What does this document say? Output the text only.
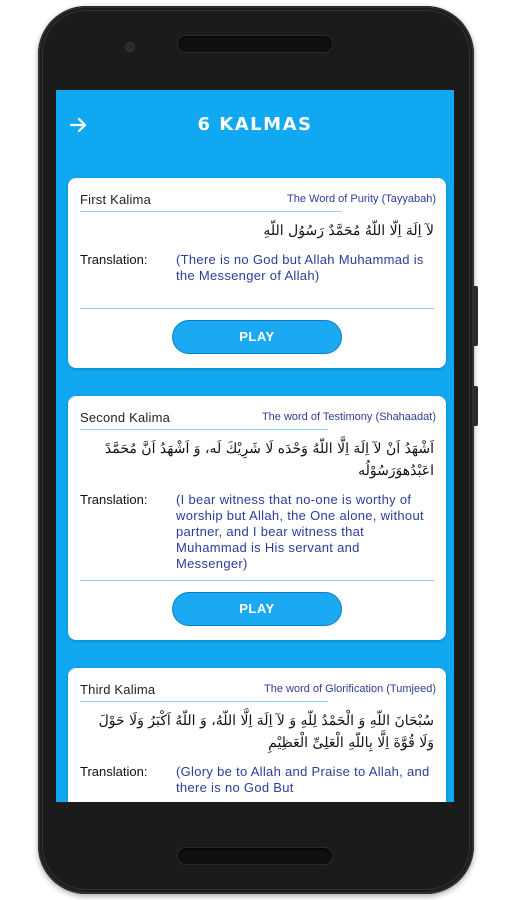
6 KALMAS
First Kalima	The Word of Purity (Tayyabah)
لآ اِلَهَ اِلّا اللّهُ مُحَمَّدٌ رَسُوُل اللّهِ
Translation: (There is no God but Allah Muhammad is the Messenger of Allah)
PLAY
Second Kalima	The word of Testimony (Shahaadat)
اَشْهَدُ اَنْ لآ اِلَهَ اِلَّا اللّهُ وَحْدَه لَا شَرِيْكَ لَه، وَ اَشْهَدُ اَنَّ مُحَمَّدً اعَبْدُهوَرَسُوْلُه
Translation: (I bear witness that no-one is worthy of worship but Allah, the One alone, without partner, and I bear witness that Muhammad is His servant and Messenger)
PLAY
Third Kalima	The word of Glorification (Tumjeed)
سُبْحَانَ اللّهِ وَ الْحَمْدُ لِلّهِ وَ لآ اِلَهَ اِلَّا اللّهُ، وَ اللّهُ اَكْبَرُ وَلَا حَوْلَ وَلَا قُوَّةَ اِلَّا بِاللّهِ الْعَلِیِّ الْعَظِيْمِ
Translation: (Glory be to Allah and Praise to Allah, and there is no God But
